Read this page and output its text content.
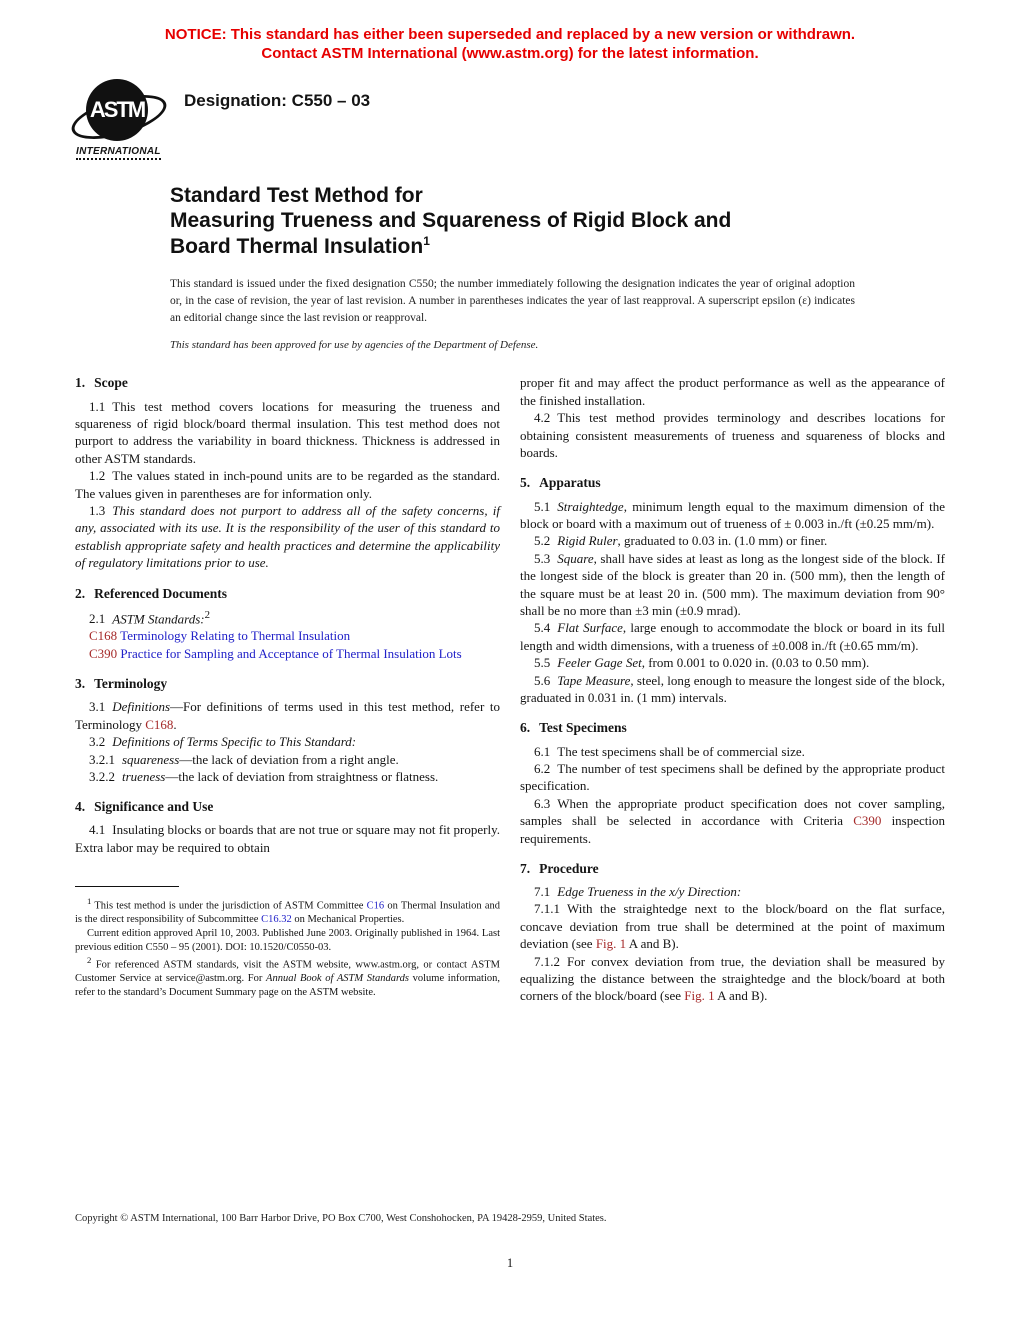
NOTICE: This standard has either been superseded and replaced by a new version or withdrawn.
Contact ASTM International (www.astm.org) for the latest information.
ASTM
INTERNATIONAL
Designation: C550 – 03
Standard Test Method for
Measuring Trueness and Squareness of Rigid Block and
Board Thermal Insulation$^1$
This standard is issued under the fixed designation C550; the number immediately following the designation indicates the year of original adoption or, in the case of revision, the year of last revision. A number in parentheses indicates the year of last reapproval. A superscript epsilon (ε) indicates an editorial change since the last revision or reapproval.
This standard has been approved for use by agencies of the Department of Defense.
1. Scope

1.1 This test method covers locations for measuring the trueness and squareness of rigid block/board thermal insulation. This test method does not purport to address the variability in board thickness. Thickness is addressed in other ASTM standards.

1.2 The values stated in inch-pound units are to be regarded as the standard. The values given in parentheses are for information only.

1.3 This standard does not purport to address all of the safety concerns, if any, associated with its use. It is the responsibility of the user of this standard to establish appropriate safety and health practices and determine the applicability of regulatory limitations prior to use.

2. Referenced Documents

2.1 ASTM Standards:$^2$

C168 Terminology Relating to Thermal Insulation

C390 Practice for Sampling and Acceptance of Thermal Insulation Lots

3. Terminology

3.1 Definitions—For definitions of terms used in this test method, refer to Terminology C168.

3.2 Definitions of Terms Specific to This Standard:

3.2.1 squareness—the lack of deviation from a right angle.

3.2.2 trueness—the lack of deviation from straightness or flatness.

4. Significance and Use

4.1 Insulating blocks or boards that are not true or square may not fit properly. Extra labor may be required to obtain

$^1$ This test method is under the jurisdiction of ASTM Committee C16 on Thermal Insulation and is the direct responsibility of Subcommittee C16.32 on Mechanical Properties.

Current edition approved April 10, 2003. Published June 2003. Originally published in 1964. Last previous edition C550 – 95 (2001). DOI: 10.1520/C0550-03.

$^2$ For referenced ASTM standards, visit the ASTM website, www.astm.org, or contact ASTM Customer Service at service@astm.org. For Annual Book of ASTM Standards volume information, refer to the standard’s Document Summary page on the ASTM website.

proper fit and may affect the product performance as well as the appearance of the finished installation.

4.2 This test method provides terminology and describes locations for obtaining consistent measurements of trueness and squareness of blocks and boards.

5. Apparatus

5.1 Straightedge, minimum length equal to the maximum dimension of the block or board with a maximum out of trueness of ± 0.003 in./ft (±0.25 mm/m).

5.2 Rigid Ruler, graduated to 0.03 in. (1.0 mm) or finer.

5.3 Square, shall have sides at least as long as the longest side of the block. If the longest side of the block is greater than 20 in. (500 mm), then the length of the square must be at least 20 in. (500 mm). The maximum deviation from 90° shall be no more than ±3 min (±0.9 mrad).

5.4 Flat Surface, large enough to accommodate the block or board in its full length and width dimensions, with a trueness of ±0.008 in./ft (±0.65 mm/m).

5.5 Feeler Gage Set, from 0.001 to 0.020 in. (0.03 to 0.50 mm).

5.6 Tape Measure, steel, long enough to measure the longest side of the block, graduated in 0.031 in. (1 mm) intervals.

6. Test Specimens

6.1 The test specimens shall be of commercial size.

6.2 The number of test specimens shall be defined by the appropriate product specification.

6.3 When the appropriate product specification does not cover sampling, samples shall be selected in accordance with Criteria C390 inspection requirements.

7. Procedure

7.1 Edge Trueness in the x/y Direction:

7.1.1 With the straightedge next to the block/board on the flat surface, concave deviation from true shall be determined at the point of maximum deviation (see Fig. 1 A and B).

7.1.2 For convex deviation from true, the deviation shall be measured by equalizing the distance between the straightedge and the block/board at both corners of the block/board (see Fig. 1 A and B).

Copyright © ASTM International, 100 Barr Harbor Drive, PO Box C700, West Conshohocken, PA 19428-2959, United States.
1
